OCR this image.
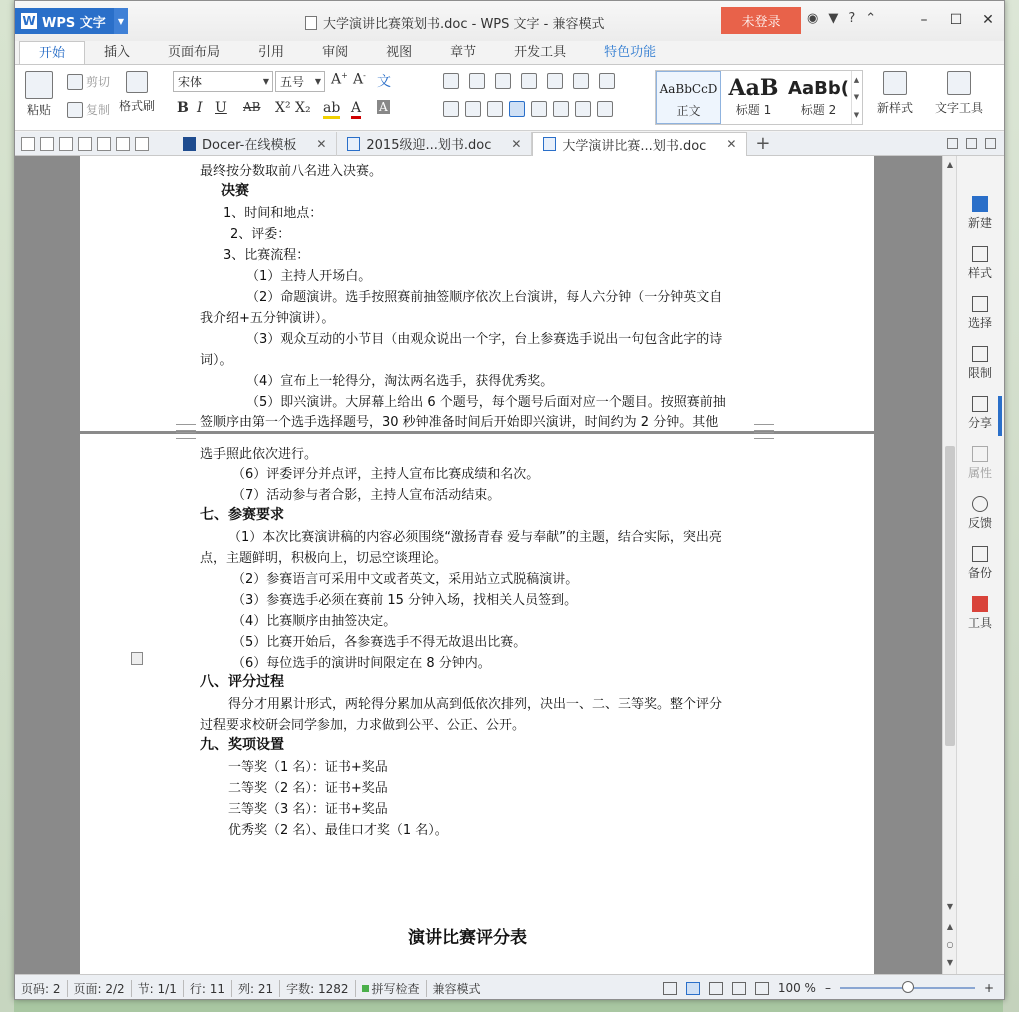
W WPS 文字	▼	大学演讲比赛策划书.doc - WPS 文字 - 兼容模式	未登录	◉ ▼ ? ⌃	–	☐	✕
开始	插入	页面布局	引用	审阅	视图	章节	开发工具	特色功能
粘贴
剪切
复制 格式刷
宋体	▼ 五号	▼ A+ A- 文
B I U AB X² X₂ ab A A
AaBbCcD
正文
AaB
标题 1
AaBb(
标题 2
▲
▼
▼
新样式 文字工具
Docer-在线模板 ✕	2015级迎...划书.doc ✕	大学演讲比赛...划书.doc ✕	+
最终按分数取前八名进入决赛。
决赛
1、时间和地点：
2、评委：
3、比赛流程：
（1）主持人开场白。
（2）命题演讲。选手按照赛前抽签顺序依次上台演讲，每人六分钟（一分钟英文自
我介绍+五分钟演讲）。
（3）观众互动的小节目（由观众说出一个字，台上参赛选手说出一句包含此字的诗
词）。
（4）宣布上一轮得分，淘汰两名选手，获得优秀奖。
（5）即兴演讲。大屏幕上给出 6 个题号，每个题号后面对应一个题目。按照赛前抽
签顺序由第一个选手选择题号，30 秒钟准备时间后开始即兴演讲，时间约为 2 分钟。其他
选手照此依次进行。
（6）评委评分并点评，主持人宣布比赛成绩和名次。
（7）活动参与者合影，主持人宣布活动结束。
七、参赛要求
（1）本次比赛演讲稿的内容必须围绕“激扬青春 爱与奉献”的主题，结合实际，突出亮
点，主题鲜明，积极向上，切忌空谈理论。
（2）参赛语言可采用中文或者英文，采用站立式脱稿演讲。
（3）参赛选手必须在赛前 15 分钟入场，找相关人员签到。
（4）比赛顺序由抽签决定。
（5）比赛开始后，各参赛选手不得无故退出比赛。
（6）每位选手的演讲时间限定在 8 分钟内。
八、评分过程
得分才用累计形式，两轮得分累加从高到低依次排列，决出一、二、三等奖。整个评分
过程要求校研会同学参加，力求做到公平、公正、公开。
九、奖项设置
一等奖（1 名）：证书+奖品
二等奖（2 名）：证书+奖品
三等奖（3 名）：证书+奖品
优秀奖（2 名）、最佳口才奖（1 名）。
演讲比赛评分表
▲
▼
▲
○
▼
新建
样式
选择
限制
分享
属性
反馈
备份
工具
页码: 2	页面: 2/2	节: 1/1	行: 11	列: 21	字数: 1282	拼写检查	兼容模式	100 % –	+
